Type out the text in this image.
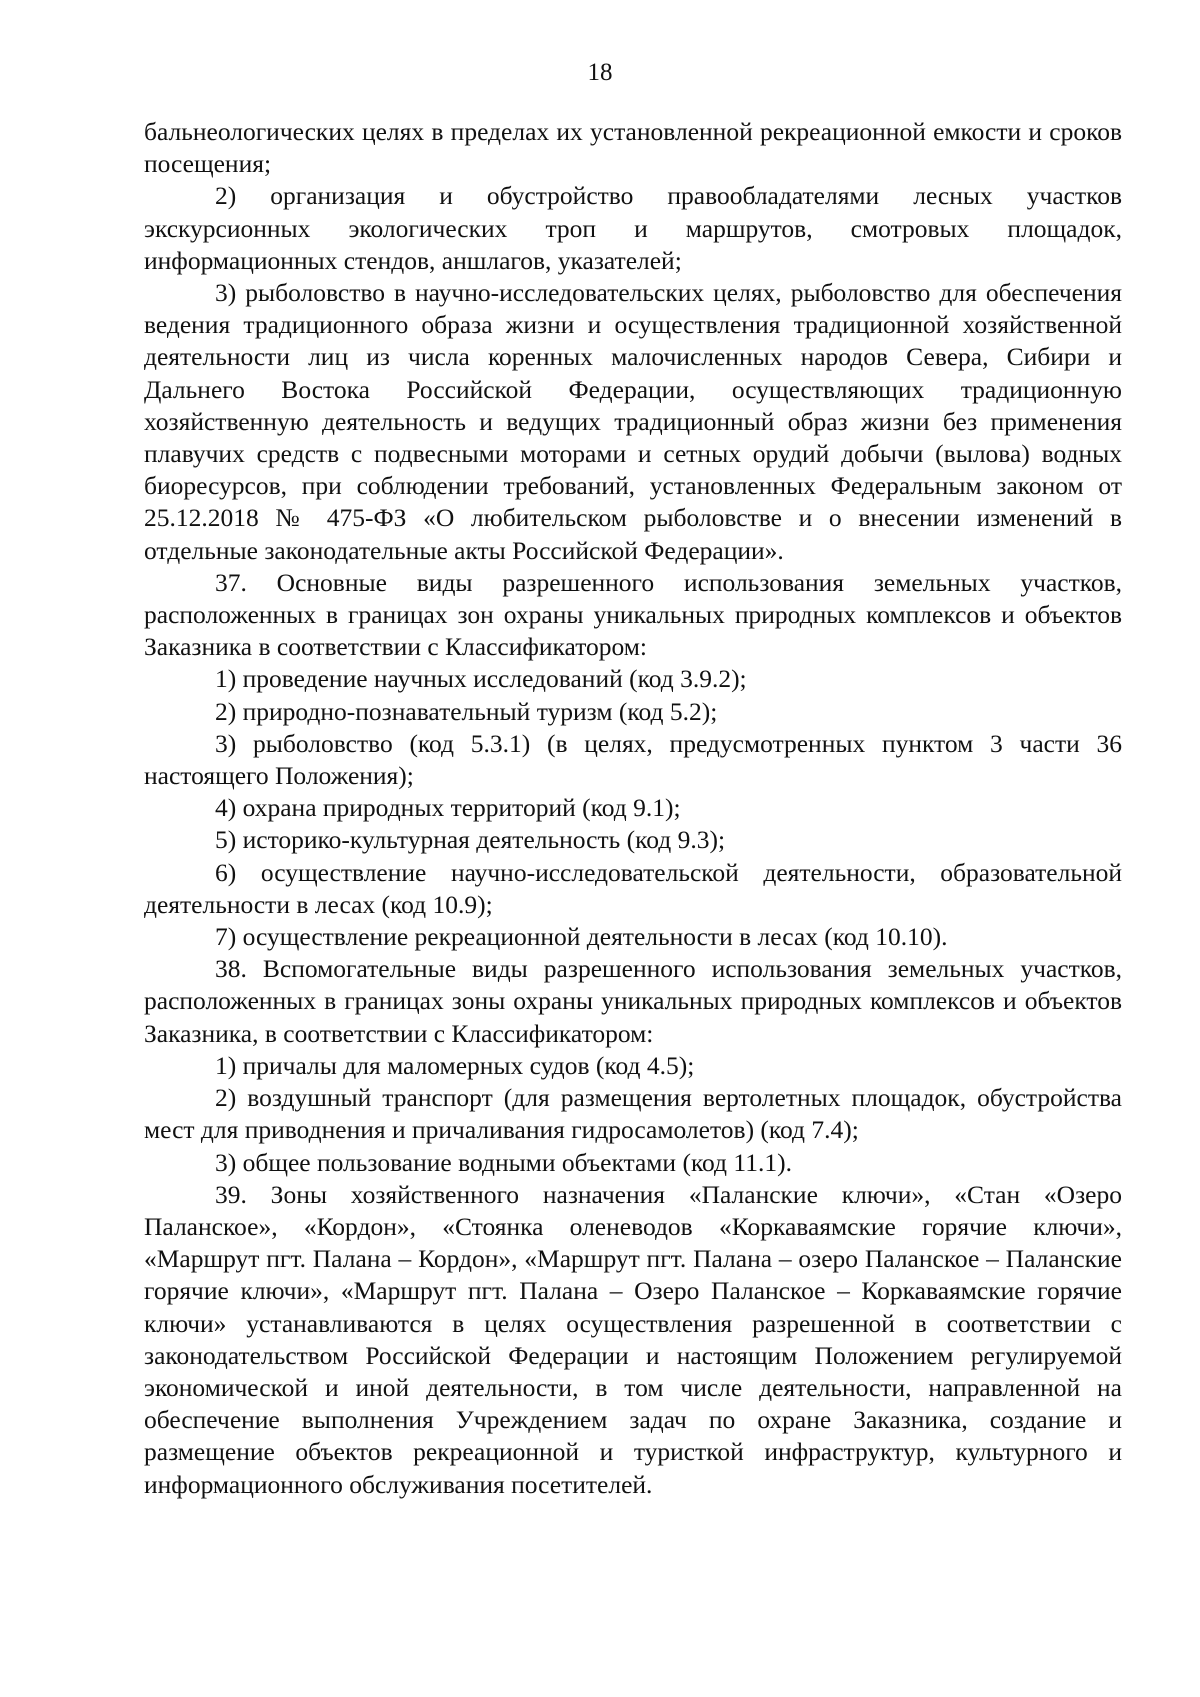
18

бальнеологических целях в пределах их установленной рекреационной емкости и сроков посещения;

2) организация и обустройство правообладателями лесных участков экскурсионных экологических троп и маршрутов, смотровых площадок, информационных стендов, аншлагов, указателей;

3) рыболовство в научно-исследовательских целях, рыболовство для обеспечения ведения традиционного образа жизни и осуществления традиционной хозяйственной деятельности лиц из числа коренных малочисленных народов Севера, Сибири и Дальнего Востока Российской Федерации, осуществляющих традиционную хозяйственную деятельность и ведущих традиционный образ жизни без применения плавучих средств с подвесными моторами и сетных орудий добычи (вылова) водных биоресурсов, при соблюдении требований, установленных Федеральным законом от 25.12.2018 № 475-ФЗ «О любительском рыболовстве и о внесении изменений в отдельные законодательные акты Российской Федерации».

37. Основные виды разрешенного использования земельных участков, расположенных в границах зон охраны уникальных природных комплексов и объектов Заказника в соответствии с Классификатором:

1) проведение научных исследований (код 3.9.2);

2) природно-познавательный туризм (код 5.2);

3) рыболовство (код 5.3.1) (в целях, предусмотренных пунктом 3 части 36 настоящего Положения);

4) охрана природных территорий (код 9.1);

5) историко-культурная деятельность (код 9.3);

6) осуществление научно-исследовательской деятельности, образовательной деятельности в лесах (код 10.9);

7) осуществление рекреационной деятельности в лесах (код 10.10).

38. Вспомогательные виды разрешенного использования земельных участков, расположенных в границах зоны охраны уникальных природных комплексов и объектов Заказника, в соответствии с Классификатором:

1) причалы для маломерных судов (код 4.5);

2) воздушный транспорт (для размещения вертолетных площадок, обустройства мест для приводнения и причаливания гидросамолетов) (код 7.4);

3) общее пользование водными объектами (код 11.1).

39. Зоны хозяйственного назначения «Паланские ключи», «Стан «Озеро Паланское», «Кордон», «Стоянка оленеводов «Коркаваямские горячие ключи», «Маршрут пгт. Палана – Кордон», «Маршрут пгт. Палана – озеро Паланское – Паланские горячие ключи», «Маршрут пгт. Палана – Озеро Паланское – Коркаваямские горячие ключи» устанавливаются в целях осуществления разрешенной в соответствии с законодательством Российской Федерации и настоящим Положением регулируемой экономической и иной деятельности, в том числе деятельности, направленной на обеспечение выполнения Учреждением задач по охране Заказника, создание и размещение объектов рекреационной и туристкой инфраструктур, культурного и информационного обслуживания посетителей.
